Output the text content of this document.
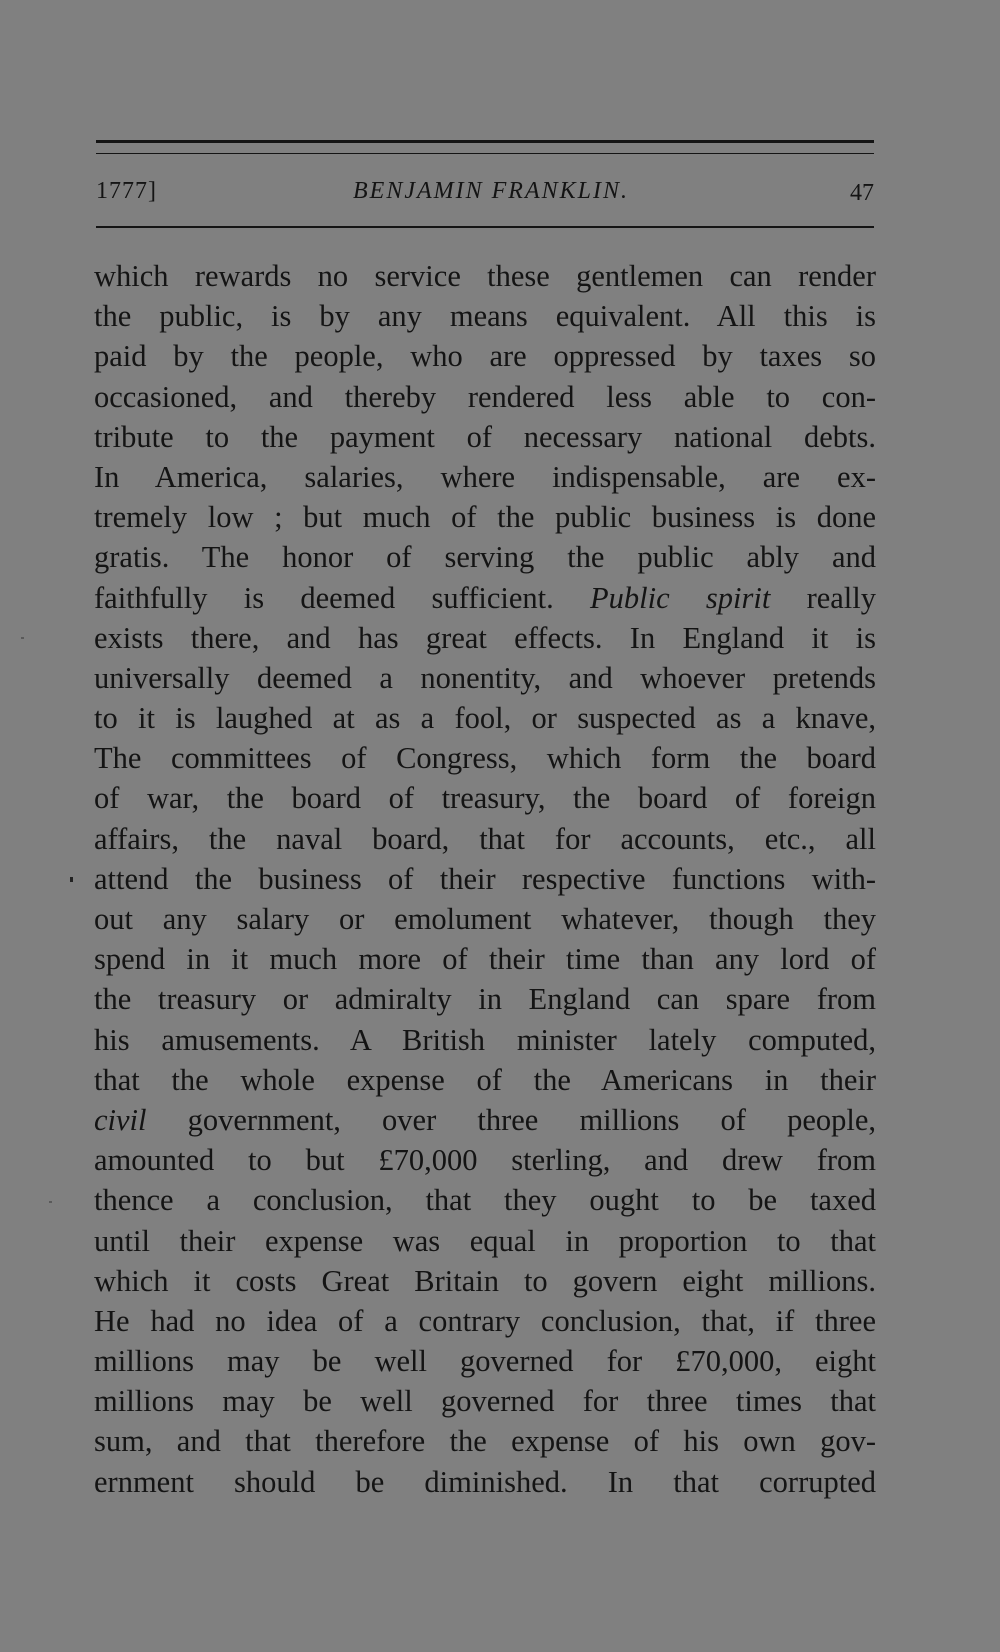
1777]	BENJAMIN FRANKLIN.	47
which rewards no service these gentlemen can render
the public, is by any means equivalent. All this is
paid by the people, who are oppressed by taxes so
occasioned, and thereby rendered less able to con-
tribute to the payment of necessary national debts.
In America, salaries, where indispensable, are ex-
tremely low ; but much of the public business is done
gratis. The honor of serving the public ably and
faithfully is deemed sufficient. Public spirit really
exists there, and has great effects. In England it is
universally deemed a nonentity, and whoever pretends
to it is laughed at as a fool, or suspected as a knave,
The committees of Congress, which form the board
of war, the board of treasury, the board of foreign
affairs, the naval board, that for accounts, etc., all
attend the business of their respective functions with-
out any salary or emolument whatever, though they
spend in it much more of their time than any lord of
the treasury or admiralty in England can spare from
his amusements. A British minister lately computed,
that the whole expense of the Americans in their
civil government, over three millions of people,
amounted to but £70,000 sterling, and drew from
thence a conclusion, that they ought to be taxed
until their expense was equal in proportion to that
which it costs Great Britain to govern eight millions.
He had no idea of a contrary conclusion, that, if three
millions may be well governed for £70,000, eight
millions may be well governed for three times that
sum, and that therefore the expense of his own gov-
ernment should be diminished. In that corrupted
